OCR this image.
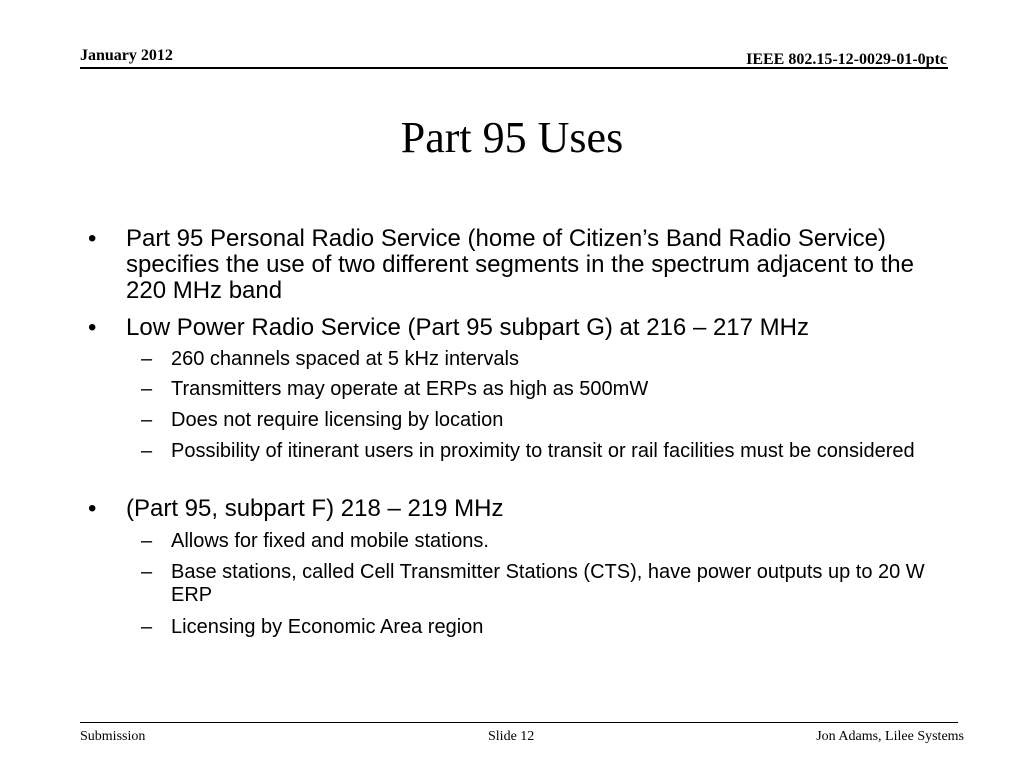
January 2012	IEEE 802.15-12-0029-01-0ptc
Part 95 Uses
• Part 95 Personal Radio Service (home of Citizen’s Band Radio Service) specifies the use of two different segments in the spectrum adjacent to the 220 MHz band
• Low Power Radio Service (Part 95 subpart G) at 216 – 217 MHz
– 260 channels spaced at 5 kHz intervals
– Transmitters may operate at ERPs as high as 500mW
– Does not require licensing by location
– Possibility of itinerant users in proximity to transit or rail facilities must be considered
• (Part 95, subpart F) 218 – 219 MHz
– Allows for fixed and mobile stations.
– Base stations, called Cell Transmitter Stations (CTS), have power outputs up to 20 W ERP
– Licensing by Economic Area region
Submission	Slide 12	Jon Adams, Lilee Systems
